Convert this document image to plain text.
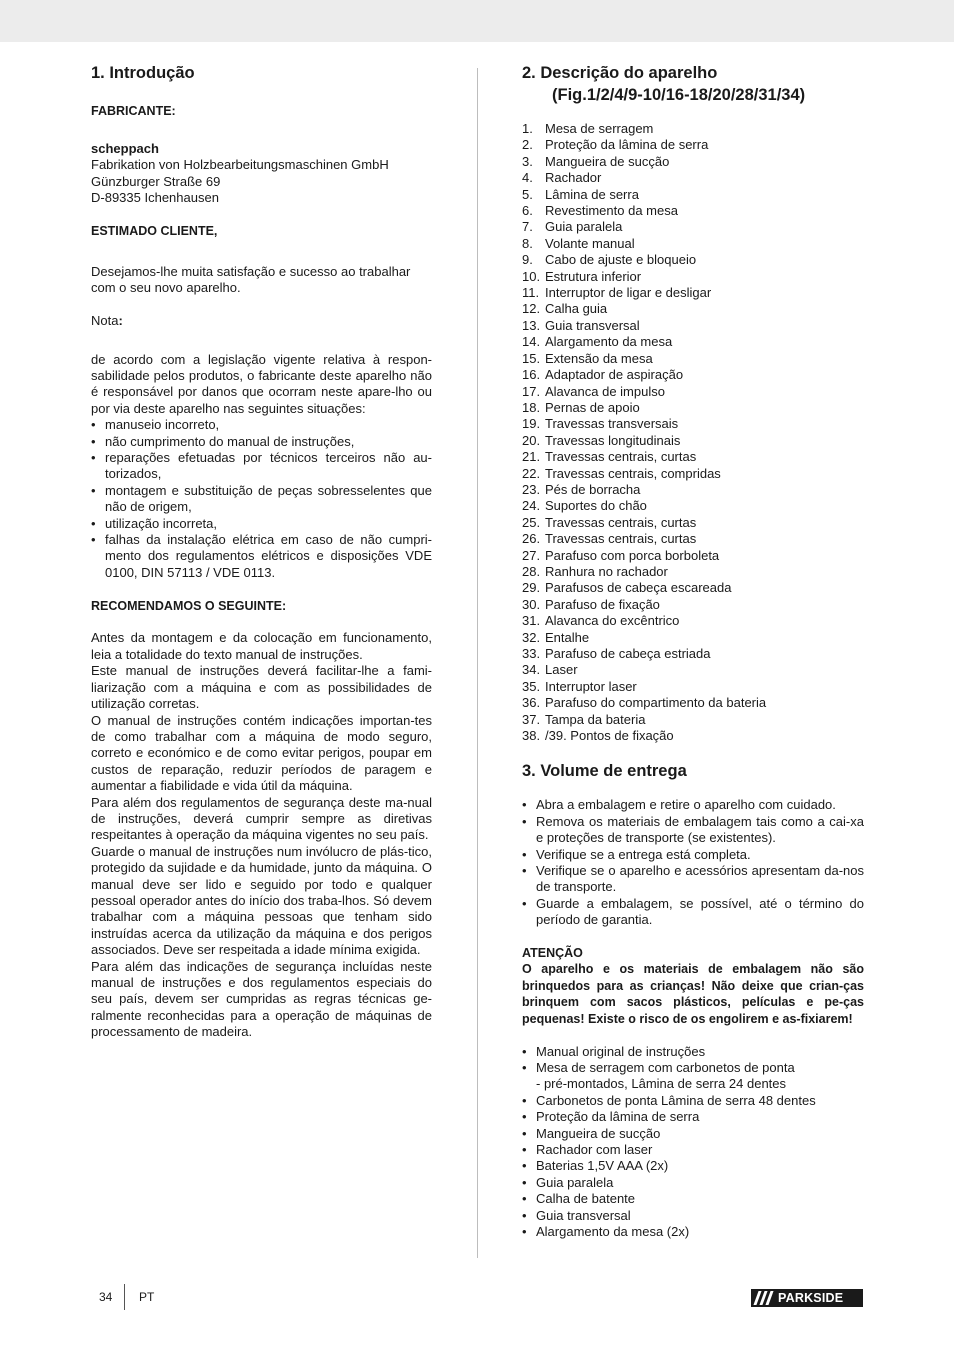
1. Introdução
FABRICANTE:
scheppach
Fabrikation von Holzbearbeitungsmaschinen GmbH
Günzburger Straße 69
D-89335 Ichenhausen
ESTIMADO CLIENTE,

Desejamos-lhe muita satisfação e sucesso ao trabalhar com o seu novo aparelho.

Nota:

de acordo com a legislação vigente relativa à respon-sabilidade pelos produtos, o fabricante deste aparelho não é responsável por danos que ocorram neste apare-lho ou por via deste aparelho nas seguintes situações:

• manuseio incorreto,
• não cumprimento do manual de instruções,
• reparações efetuadas por técnicos terceiros não au-torizados,
• montagem e substituição de peças sobresselentes que não de origem,
• utilização incorreta,
• falhas da instalação elétrica em caso de não cumpri-mento dos regulamentos elétricos e disposições VDE 0100, DIN 57113 / VDE 0113.
RECOMENDAMOS O SEGUINTE:

Antes da montagem e da colocação em funcionamento, leia a totalidade do texto manual de instruções.

Este manual de instruções deverá facilitar-lhe a fami-liarização com a máquina e com as possibilidades de utilização corretas.

O manual de instruções contém indicações importan-tes de como trabalhar com a máquina de modo seguro, correto e económico e de como evitar perigos, poupar em custos de reparação, reduzir períodos de paragem e aumentar a fiabilidade e vida útil da máquina.

Para além dos regulamentos de segurança deste ma-nual de instruções, deverá cumprir sempre as diretivas respeitantes à operação da máquina vigentes no seu país.

Guarde o manual de instruções num invólucro de plás-tico, protegido da sujidade e da humidade, junto da máquina. O manual deve ser lido e seguido por todo e qualquer pessoal operador antes do início dos traba-lhos. Só devem trabalhar com a máquina pessoas que tenham sido instruídas acerca da utilização da máquina e dos perigos associados. Deve ser respeitada a idade mínima exigida.

Para além das indicações de segurança incluídas neste manual de instruções e dos regulamentos especiais do seu país, devem ser cumpridas as regras técnicas ge-ralmente reconhecidas para a operação de máquinas de processamento de madeira.

2. Descrição do aparelho
(Fig.1/2/4/9-10/16-18/20/28/31/34)
1. Mesa de serragem
2. Proteção da lâmina de serra
3. Mangueira de sucção
4. Rachador
5. Lâmina de serra
6. Revestimento da mesa
7. Guia paralela
8. Volante manual
9. Cabo de ajuste e bloqueio
10. Estrutura inferior
11. Interruptor de ligar e desligar
12. Calha guia
13. Guia transversal
14. Alargamento da mesa
15. Extensão da mesa
16. Adaptador de aspiração
17. Alavanca de impulso
18. Pernas de apoio
19. Travessas transversais
20. Travessas longitudinais
21. Travessas centrais, curtas
22. Travessas centrais, compridas
23. Pés de borracha
24. Suportes do chão
25. Travessas centrais, curtas
26. Travessas centrais, curtas
27. Parafuso com porca borboleta
28. Ranhura no rachador
29. Parafusos de cabeça escareada
30. Parafuso de fixação
31. Alavanca do excêntrico
32. Entalhe
33. Parafuso de cabeça estriada
34. Laser
35. Interruptor laser
36. Parafuso do compartimento da bateria
37. Tampa da bateria
38. /39. Pontos de fixação
3. Volume de entrega
• Abra a embalagem e retire o aparelho com cuidado.
• Remova os materiais de embalagem tais como a cai-xa e proteções de transporte (se existentes).
• Verifique se a entrega está completa.
• Verifique se o aparelho e acessórios apresentam da-nos de transporte.
• Guarde a embalagem, se possível, até o término do período de garantia.
ATENÇÃO

O aparelho e os materiais de embalagem não são brinquedos para as crianças! Não deixe que crian-ças brinquem com sacos plásticos, películas e pe-ças pequenas! Existe o risco de os engolirem e as-fixiarem!

• Manual original de instruções
• Mesa de serragem com carbonetos de ponta
- pré-montados, Lâmina de serra 24 dentes
• Carbonetos de ponta Lâmina de serra 48 dentes
• Proteção da lâmina de serra
• Mangueira de sucção
• Rachador com laser
• Baterias 1,5V AAA (2x)
• Guia paralela
• Calha de batente
• Guia transversal
• Alargamento da mesa (2x)
34 PT	PARKSIDE
